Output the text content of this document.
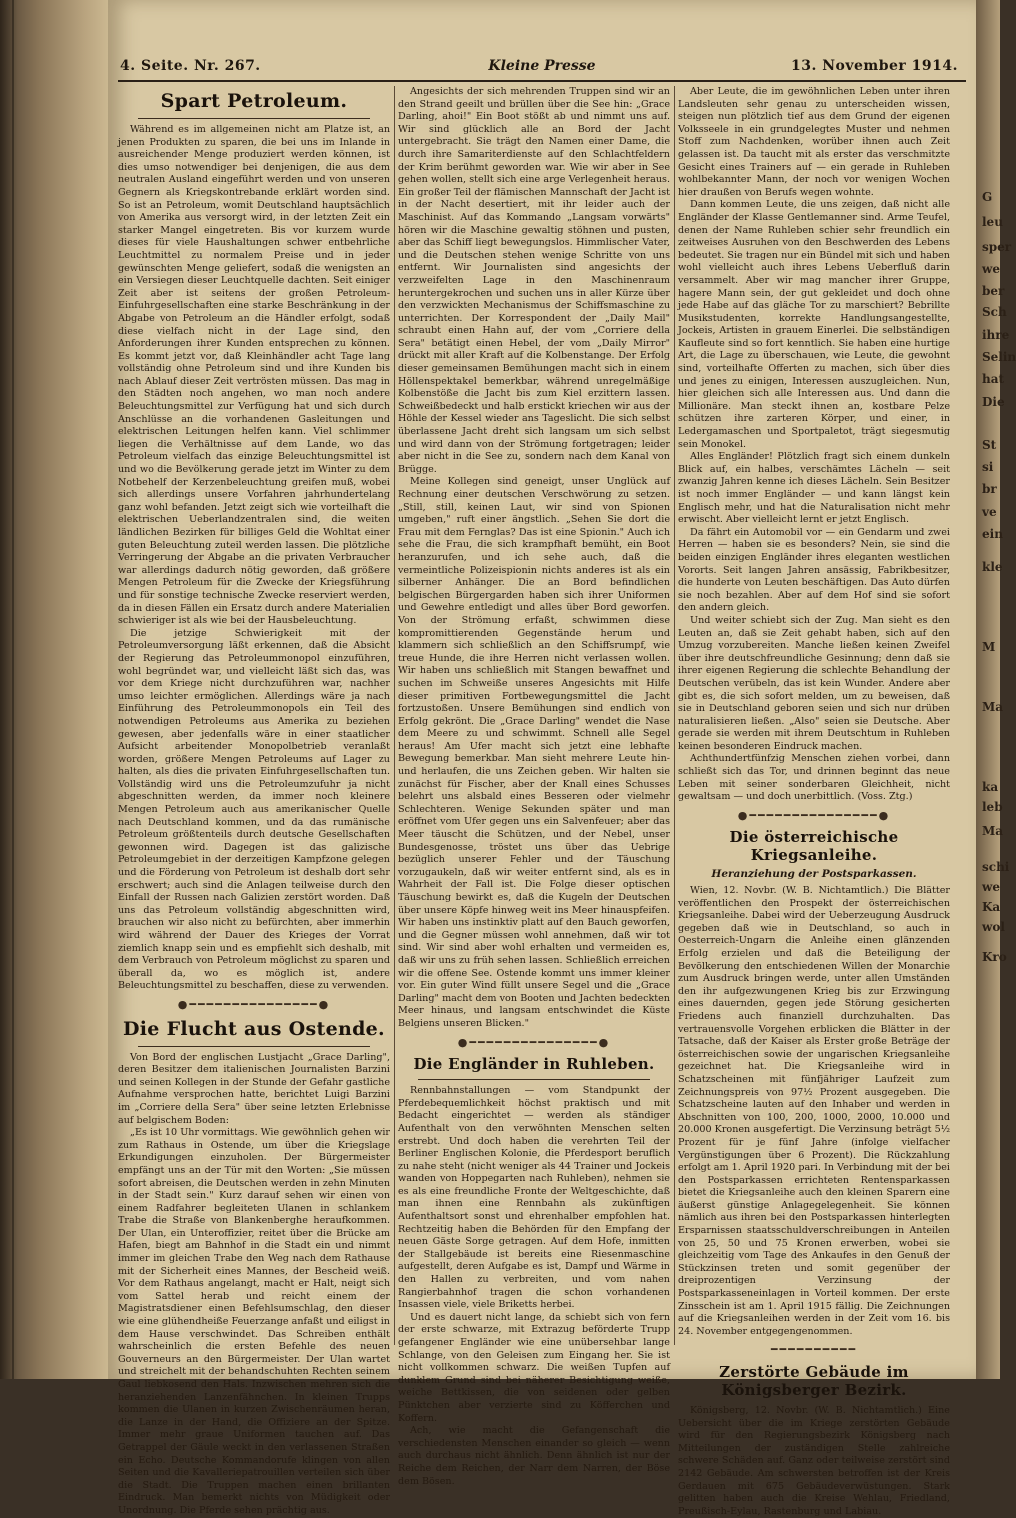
4. Seite. Nr. 267.	Kleine Presse	13. November 1914.
Spart Petroleum.

Während es im allgemeinen nicht am Platze ist, an jenen Produkten zu sparen, die bei uns im Inlande in ausreichender Menge produziert werden können, ist dies umso notwendiger bei denjenigen, die aus dem neutralen Ausland eingeführt werden und von unseren Gegnern als Kriegskontrebande erklärt worden sind. So ist an Petroleum, womit Deutschland hauptsächlich von Amerika aus versorgt wird, in der letzten Zeit ein starker Mangel eingetreten. Bis vor kurzem wurde dieses für viele Haushaltungen schwer entbehrliche Leuchtmittel zu normalem Preise und in jeder gewünschten Menge geliefert, sodaß die wenigsten an ein Versiegen dieser Leuchtquelle dachten. Seit einiger Zeit aber ist seitens der großen Petroleum-Einfuhrgesellschaften eine starke Beschränkung in der Abgabe von Petroleum an die Händler erfolgt, sodaß diese vielfach nicht in der Lage sind, den Anforderungen ihrer Kunden entsprechen zu können. Es kommt jetzt vor, daß Kleinhändler acht Tage lang vollständig ohne Petroleum sind und ihre Kunden bis nach Ablauf dieser Zeit vertrösten müssen. Das mag in den Städten noch angehen, wo man noch andere Beleuchtungsmittel zur Verfügung hat und sich durch Anschlüsse an die vorhandenen Gasleitungen und elektrischen Leitungen helfen kann. Viel schlimmer liegen die Verhältnisse auf dem Lande, wo das Petroleum vielfach das einzige Beleuchtungsmittel ist und wo die Bevölkerung gerade jetzt im Winter zu dem Notbehelf der Kerzenbeleuchtung greifen muß, wobei sich allerdings unsere Vorfahren jahrhundertelang ganz wohl befanden. Jetzt zeigt sich wie vorteilhaft die elektrischen Ueberlandzentralen sind, die weiten ländlichen Bezirken für billiges Geld die Wohltat einer guten Beleuchtung zuteil werden lassen. Die plötzliche Verringerung der Abgabe an die privaten Verbraucher war allerdings dadurch nötig geworden, daß größere Mengen Petroleum für die Zwecke der Kriegsführung und für sonstige technische Zwecke reserviert werden, da in diesen Fällen ein Ersatz durch andere Materialien schwieriger ist als wie bei der Hausbeleuchtung.

Die jetzige Schwierigkeit mit der Petroleumversorgung läßt erkennen, daß die Absicht der Regierung das Petroleummonopol einzuführen, wohl begründet war, und vielleicht läßt sich das, was vor dem Kriege nicht durchzuführen war, nachher umso leichter ermöglichen. Allerdings wäre ja nach Einführung des Petroleummonopols ein Teil des notwendigen Petroleums aus Amerika zu beziehen gewesen, aber jedenfalls wäre in einer staatlicher Aufsicht arbeitender Monopolbetrieb veranlaßt worden, größere Mengen Petroleums auf Lager zu halten, als dies die privaten Einfuhrgesellschaften tun. Vollständig wird uns die Petroleumzufuhr ja nicht abgeschnitten werden, da immer noch kleinere Mengen Petroleum auch aus amerikanischer Quelle nach Deutschland kommen, und da das rumänische Petroleum größtenteils durch deutsche Gesellschaften gewonnen wird. Dagegen ist das galizische Petroleumgebiet in der derzeitigen Kampfzone gelegen und die Förderung von Petroleum ist deshalb dort sehr erschwert; auch sind die Anlagen teilweise durch den Einfall der Russen nach Galizien zerstört worden. Daß uns das Petroleum vollständig abgeschnitten wird, brauchen wir also nicht zu befürchten, aber immerhin wird während der Dauer des Krieges der Vorrat ziemlich knapp sein und es empfiehlt sich deshalb, mit dem Verbrauch von Petroleum möglichst zu sparen und überall da, wo es möglich ist, andere Beleuchtungsmittel zu beschaffen, diese zu verwenden.

●━━━━━━━━━━━━━━━●
Die Flucht aus Ostende.

Von Bord der englischen Lustjacht „Grace Darling", deren Besitzer dem italienischen Journalisten Barzini und seinen Kollegen in der Stunde der Gefahr gastliche Aufnahme versprochen hatte, berichtet Luigi Barzini im „Corriere della Sera" über seine letzten Erlebnisse auf belgischem Boden:

„Es ist 10 Uhr vormittags. Wie gewöhnlich gehen wir zum Rathaus in Ostende, um über die Kriegslage Erkundigungen einzuholen. Der Bürgermeister empfängt uns an der Tür mit den Worten: „Sie müssen sofort abreisen, die Deutschen werden in zehn Minuten in der Stadt sein." Kurz darauf sehen wir einen von einem Radfahrer begleiteten Ulanen in schlankem Trabe die Straße von Blankenberghe heraufkommen. Der Ulan, ein Unteroffizier, reitet über die Brücke am Hafen, biegt am Bahnhof in die Stadt ein und nimmt immer im gleichen Trabe den Weg nach dem Rathause mit der Sicherheit eines Mannes, der Bescheid weiß. Vor dem Rathaus angelangt, macht er Halt, neigt sich vom Sattel herab und reicht einem der Magistratsdiener einen Befehlsumschlag, den dieser wie eine glühendheiße Feuerzange anfaßt und eiligst in dem Hause verschwindet. Das Schreiben enthält wahrscheinlich die ersten Befehle des neuen Gouverneurs an den Bürgermeister. Der Ulan wartet und streichelt mit der behandschuhten Rechten seinem Gaul liebkosend den Hals. Inzwischen mehren sich die heranziehenden Lanzenfähnchen. In kleinen Trupps kommen die Ulanen in kurzen Zwischenräumen heran, die Lanze in der Hand, die Offiziere an der Spitze. Immer mehr graue Uniformen tauchen auf. Das Getrappel der Gäule weckt in den verlassenen Straßen ein Echo. Deutsche Kommandorufe klingen von allen Seiten und die Kavalleriepatrouillen verteilen sich über die Stadt. Die Truppen machen einen brillanten Eindruck. Man bemerkt nichts von Müdigkeit oder Unordnung. Die Pferde sehen prächtig aus.

Angesichts der sich mehrenden Truppen sind wir an den Strand geeilt und brüllen über die See hin: „Grace Darling, ahoi!" Ein Boot stößt ab und nimmt uns auf. Wir sind glücklich alle an Bord der Jacht untergebracht. Sie trägt den Namen einer Dame, die durch ihre Samariterdienste auf den Schlachtfeldern der Krim berühmt geworden war. Wie wir aber in See gehen wollen, stellt sich eine arge Verlegenheit heraus. Ein großer Teil der flämischen Mannschaft der Jacht ist in der Nacht desertiert, mit ihr leider auch der Maschinist. Auf das Kommando „Langsam vorwärts" hören wir die Maschine gewaltig stöhnen und pusten, aber das Schiff liegt bewegungslos. Himmlischer Vater, und die Deutschen stehen wenige Schritte von uns entfernt. Wir Journalisten sind angesichts der verzweifelten Lage in den Maschinenraum heruntergekrochen und suchen uns in aller Kürze über den verzwickten Mechanismus der Schiffsmaschine zu unterrichten. Der Korrespondent der „Daily Mail" schraubt einen Hahn auf, der vom „Corriere della Sera" betätigt einen Hebel, der vom „Daily Mirror" drückt mit aller Kraft auf die Kolbenstange. Der Erfolg dieser gemeinsamen Bemühungen macht sich in einem Höllenspektakel bemerkbar, während unregelmäßige Kolbenstöße die Jacht bis zum Kiel erzittern lassen. Schweißbedeckt und halb erstickt kriechen wir aus der Höhle der Kessel wieder ans Tageslicht. Die sich selbst überlassene Jacht dreht sich langsam um sich selbst und wird dann von der Strömung fortgetragen; leider aber nicht in die See zu, sondern nach dem Kanal von Brügge.

Meine Kollegen sind geneigt, unser Unglück auf Rechnung einer deutschen Verschwörung zu setzen. „Still, still, keinen Laut, wir sind von Spionen umgeben," ruft einer ängstlich. „Sehen Sie dort die Frau mit dem Fernglas? Das ist eine Spionin." Auch ich sehe die Frau, die sich krampfhaft bemüht, ein Boot heranzurufen, und ich sehe auch, daß die vermeintliche Polizeispionin nichts anderes ist als ein silberner Anhänger. Die an Bord befindlichen belgischen Bürgergarden haben sich ihrer Uniformen und Gewehre entledigt und alles über Bord geworfen. Von der Strömung erfaßt, schwimmen diese kompromittierenden Gegenstände herum und klammern sich schließlich an den Schiffsrumpf, wie treue Hunde, die ihre Herren nicht verlassen wollen. Wir haben uns schließlich mit Stangen bewaffnet und suchen im Schweiße unseres Angesichts mit Hilfe dieser primitiven Fortbewegungsmittel die Jacht fortzustoßen. Unsere Bemühungen sind endlich von Erfolg gekrönt. Die „Grace Darling" wendet die Nase dem Meere zu und schwimmt. Schnell alle Segel heraus! Am Ufer macht sich jetzt eine lebhafte Bewegung bemerkbar. Man sieht mehrere Leute hin- und herlaufen, die uns Zeichen geben. Wir halten sie zunächst für Fischer, aber der Knall eines Schusses belehrt uns alsbald eines Besseren oder vielmehr Schlechteren. Wenige Sekunden später und man eröffnet vom Ufer gegen uns ein Salvenfeuer; aber das Meer täuscht die Schützen, und der Nebel, unser Bundesgenosse, tröstet uns über das Uebrige bezüglich unserer Fehler und der Täuschung vorzugaukeln, daß wir weiter entfernt sind, als es in Wahrheit der Fall ist. Die Folge dieser optischen Täuschung bewirkt es, daß die Kugeln der Deutschen über unsere Köpfe hinweg weit ins Meer hinauspfeifen. Wir haben uns instinktiv platt auf den Bauch geworfen, und die Gegner müssen wohl annehmen, daß wir tot sind. Wir sind aber wohl erhalten und vermeiden es, daß wir uns zu früh sehen lassen. Schließlich erreichen wir die offene See. Ostende kommt uns immer kleiner vor. Ein guter Wind füllt unsere Segel und die „Grace Darling" macht dem von Booten und Jachten bedeckten Meer hinaus, und langsam entschwindet die Küste Belgiens unseren Blicken."

●━━━━━━━━━━━━━━━●
Die Engländer in Ruhleben.

Rennbahnstallungen — vom Standpunkt der Pferdebequemlichkeit höchst praktisch und mit Bedacht eingerichtet — werden als ständiger Aufenthalt von den verwöhnten Menschen selten erstrebt. Und doch haben die verehrten Teil der Berliner Englischen Kolonie, die Pferdesport beruflich zu nahe steht (nicht weniger als 44 Trainer und Jockeis wanden von Hoppegarten nach Ruhleben), nehmen sie es als eine freundliche Fronte der Weltgeschichte, daß man ihnen eine Rennbahn als zukünftigen Aufenthaltsort sonst und ehrenhalber empfohlen hat. Rechtzeitig haben die Behörden für den Empfang der neuen Gäste Sorge getragen. Auf dem Hofe, inmitten der Stallgebäude ist bereits eine Riesenmaschine aufgestellt, deren Aufgabe es ist, Dampf und Wärme in den Hallen zu verbreiten, und vom nahen Rangierbahnhof tragen die schon vorhandenen Insassen viele, viele Briketts herbei.

Und es dauert nicht lange, da schiebt sich von fern der erste schwarze, mit Extrazug beförderte Trupp gefangener Engländer wie eine unübersehbar lange Schlange, von den Geleisen zum Eingang her. Sie ist nicht vollkommen schwarz. Die weißen Tupfen auf dunklem Grund sind bei näherer Besichtigung weiße, weiche Bettkissen, die von seidenen oder gelben Pünktchen aber verzierte sind zu Köfferchen und Koffern.

Ach, wie macht die Gefangenschaft die verschiedensten Menschen einander so gleich — wenn auch durchaus nicht ähnlich. Denn ähnlich ist nur der Reiche dem Reichen, der Narr dem Narren, der Böse dem Bösen.

Aber Leute, die im gewöhnlichen Leben unter ihren Landsleuten sehr genau zu unterscheiden wissen, steigen nun plötzlich tief aus dem Grund der eigenen Volksseele in ein grundgelegtes Muster und nehmen Stoff zum Nachdenken, worüber ihnen auch Zeit gelassen ist. Da taucht mit als erster das verschmitzte Gesicht eines Trainers auf — ein gerade in Ruhleben wohlbekannter Mann, der noch vor wenigen Wochen hier draußen von Berufs wegen wohnte.

Dann kommen Leute, die uns zeigen, daß nicht alle Engländer der Klasse Gentlemanner sind. Arme Teufel, denen der Name Ruhleben schier sehr freundlich ein zeitweises Ausruhen von den Beschwerden des Lebens bedeutet. Sie tragen nur ein Bündel mit sich und haben wohl vielleicht auch ihres Lebens Ueberfluß darin versammelt. Aber wir mag mancher ihrer Gruppe, hagere Mann sein, der gut gekleidet und doch ohne jede Habe auf das gläche Tor zu marschiert? Bebrillte Musikstudenten, korrekte Handlungsangestellte, Jockeis, Artisten in grauem Einerlei. Die selbständigen Kaufleute sind so fort kenntlich. Sie haben eine hurtige Art, die Lage zu überschauen, wie Leute, die gewohnt sind, vorteilhafte Offerten zu machen, sich über dies und jenes zu einigen, Interessen auszugleichen. Nun, hier gleichen sich alle Interessen aus. Und dann die Millionäre. Man steckt ihnen an, kostbare Pelze schützen ihre zarteren Körper, und einer, in Ledergamaschen und Sportpaletot, trägt siegesmutig sein Monokel.

Alles Engländer! Plötzlich fragt sich einem dunkeln Blick auf, ein halbes, verschämtes Lächeln — seit zwanzig Jahren kenne ich dieses Lächeln. Sein Besitzer ist noch immer Engländer — und kann längst kein Englisch mehr, und hat die Naturalisation nicht mehr erwischt. Aber vielleicht lernt er jetzt Englisch.

Da fährt ein Automobil vor — ein Gendarm und zwei Herren — haben sie es besonders? Nein, sie sind die beiden einzigen Engländer ihres eleganten westlichen Vororts. Seit langen Jahren ansässig, Fabrikbesitzer, die hunderte von Leuten beschäftigen. Das Auto dürfen sie noch bezahlen. Aber auf dem Hof sind sie sofort den andern gleich.

Und weiter schiebt sich der Zug. Man sieht es den Leuten an, daß sie Zeit gehabt haben, sich auf den Umzug vorzubereiten. Manche ließen keinen Zweifel über ihre deutschfreundliche Gesinnung; denn daß sie ihrer eigenen Regierung die schlechte Behandlung der Deutschen verübeln, das ist kein Wunder. Andere aber gibt es, die sich sofort melden, um zu beweisen, daß sie in Deutschland geboren seien und sich nur drüben naturalisieren ließen. „Also" seien sie Deutsche. Aber gerade sie werden mit ihrem Deutschtum in Ruhleben keinen besonderen Eindruck machen.

Achthundertfünfzig Menschen ziehen vorbei, dann schließt sich das Tor, und drinnen beginnt das neue Leben mit seiner sonderbaren Gleichheit, nicht gewaltsam — und doch unerbittlich. (Voss. Ztg.)

●━━━━━━━━━━━━━━━●
Die österreichische Kriegsanleihe.
Heranziehung der Postsparkassen.

Wien, 12. Novbr. (W. B. Nichtamtlich.) Die Blätter veröffentlichen den Prospekt der österreichischen Kriegsanleihe. Dabei wird der Ueberzeugung Ausdruck gegeben daß wie in Deutschland, so auch in Oesterreich-Ungarn die Anleihe einen glänzenden Erfolg erzielen und daß die Beteiligung der Bevölkerung den entschiedenen Willen der Monarchie zum Ausdruck bringen werde, unter allen Umständen den ihr aufgezwungenen Krieg bis zur Erzwingung eines dauernden, gegen jede Störung gesicherten Friedens auch finanziell durchzuhalten. Das vertrauensvolle Vorgehen erblicken die Blätter in der Tatsache, daß der Kaiser als Erster große Beträge der österreichischen sowie der ungarischen Kriegsanleihe gezeichnet hat. Die Kriegsanleihe wird in Schatzscheinen mit fünfjähriger Laufzeit zum Zeichnungspreis von 97½ Prozent ausgegeben. Die Schatzscheine lauten auf den Inhaber und werden in Abschnitten von 100, 200, 1000, 2000, 10.000 und 20.000 Kronen ausgefertigt. Die Verzinsung beträgt 5½ Prozent für je fünf Jahre (infolge vielfacher Vergünstigungen über 6 Prozent). Die Rückzahlung erfolgt am 1. April 1920 pari. In Verbindung mit der bei den Postsparkassen errichteten Rentensparkassen bietet die Kriegsanleihe auch den kleinen Sparern eine äußerst günstige Anlagegelegenheit. Sie können nämlich aus ihren bei den Postsparkassen hinterlegten Ersparnissen staatsschuldverschreibungen in Anteilen von 25, 50 und 75 Kronen erwerben, wobei sie gleichzeitig vom Tage des Ankaufes in den Genuß der Stückzinsen treten und somit gegenüber der dreiprozentigen Verzinsung der Postsparkasseneinlagen in Vorteil kommen. Der erste Zinsschein ist am 1. April 1915 fällig. Die Zeichnungen auf die Kriegsanleihen werden in der Zeit vom 16. bis 24. November entgegengenommen.

━━━━━━━━━━
Zerstörte Gebäude im Königsberger Bezirk.

Königsberg, 12. Novbr. (W. B. Nichtamtlich.) Eine Uebersicht über die im Kriege zerstörten Gebäude wird für den Regierungsbezirk Königsberg nach Mitteilungen der zuständigen Stelle zahlreiche schwere Schäden auf. Ganz oder teilweise zerstört sind 2142 Gebäude. Am schwersten betroffen ist der Kreis Gerdauen mit 675 Gebäudeverwüstungen. Stark gelitten haben auch die Kreise Wehlau, Friedland, Preußisch-Eylau, Rastenburg und Labiau.

G
leu
sper
we
ber
Sch
ihre
Selin
hat
Die
St
si
br
ve
ein
kle
M
Ma
ka
leb
Ma
schi
we
Ka
wol
Kro
